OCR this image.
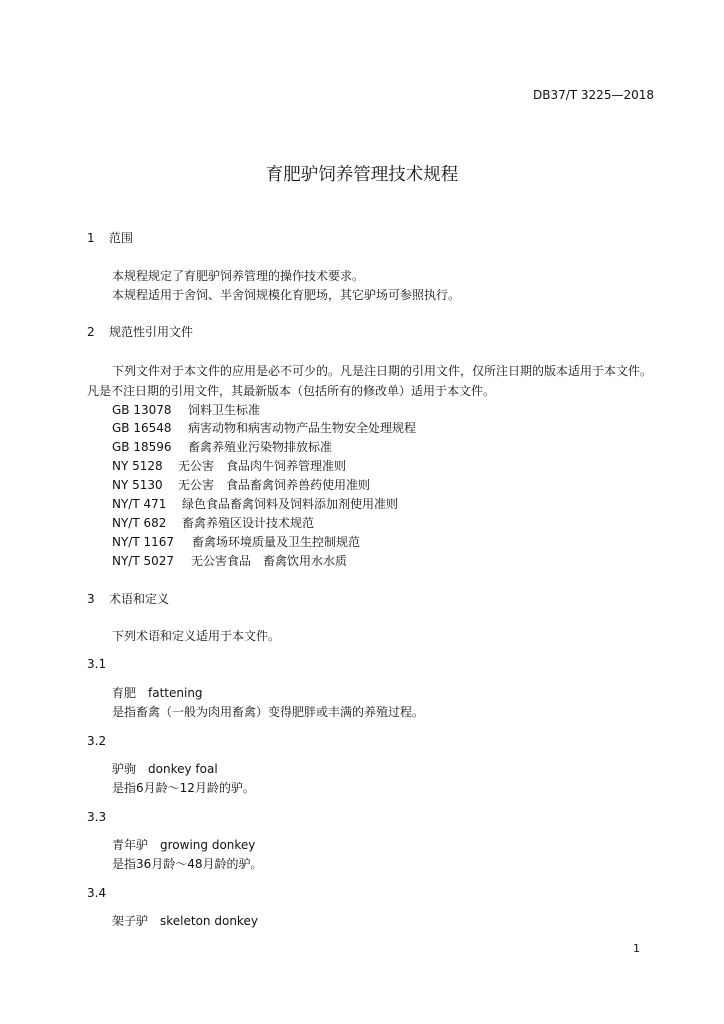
DB37/T 3225—2018
育肥驴饲养管理技术规程
1 范围
本规程规定了育肥驴饲养管理的操作技术要求。
本规程适用于舍饲、半舍饲规模化育肥场，其它驴场可参照执行。
2 规范性引用文件
下列文件对于本文件的应用是必不可少的。凡是注日期的引用文件，仅所注日期的版本适用于本文件。凡是不注日期的引用文件，其最新版本（包括所有的修改单）适用于本文件。
GB 13078 饲料卫生标准
GB 16548 病害动物和病害动物产品生物安全处理规程
GB 18596 畜禽养殖业污染物排放标准
NY 5128 无公害　食品肉牛饲养管理准则
NY 5130 无公害　食品畜禽饲养兽药使用准则
NY/T 471 绿色食品畜禽饲料及饲料添加剂使用准则
NY/T 682 畜禽养殖区设计技术规范
NY/T 1167 畜禽场环境质量及卫生控制规范
NY/T 5027 无公害食品　畜禽饮用水水质
3 术语和定义
下列术语和定义适用于本文件。
3.1
育肥 fattening
是指畜禽（一般为肉用畜禽）变得肥胖或丰满的养殖过程。
3.2
驴驹 donkey foal
是指6月龄～12月龄的驴。
3.3
青年驴 growing donkey
是指36月龄～48月龄的驴。
3.4
架子驴 skeleton donkey
1
